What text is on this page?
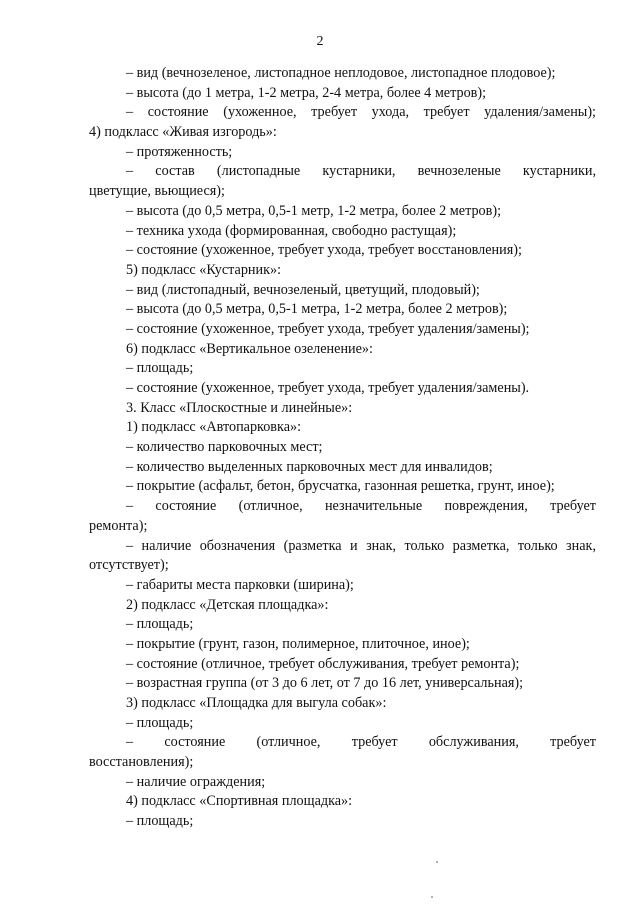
2
– вид (вечнозеленое, листопадное неплодовое, листопадное плодовое);
– высота (до 1 метра, 1-2 метра, 2-4 метра, более 4 метров);
– состояние (ухоженное, требует ухода, требует удаления/замены);
4) подкласс «Живая изгородь»:
– протяженность;
– состав (листопадные кустарники, вечнозеленые кустарники,
цветущие, вьющиеся);
– высота (до 0,5 метра, 0,5-1 метр, 1-2 метра, более 2 метров);
– техника ухода (формированная, свободно растущая);
– состояние (ухоженное, требует ухода, требует восстановления);
5) подкласс «Кустарник»:
– вид (листопадный, вечнозеленый, цветущий, плодовый);
– высота (до 0,5 метра, 0,5-1 метра, 1-2 метра, более 2 метров);
– состояние (ухоженное, требует ухода, требует удаления/замены);
6) подкласс «Вертикальное озеленение»:
– площадь;
– состояние (ухоженное, требует ухода, требует удаления/замены).
3. Класс «Плоскостные и линейные»:
1) подкласс «Автопарковка»:
– количество парковочных мест;
– количество выделенных парковочных мест для инвалидов;
– покрытие (асфальт, бетон, брусчатка, газонная решетка, грунт, иное);
– состояние (отличное, незначительные повреждения, требует
ремонта);
– наличие обозначения (разметка и знак, только разметка, только знак,
отсутствует);
– габариты места парковки (ширина);
2) подкласс «Детская площадка»:
– площадь;
– покрытие (грунт, газон, полимерное, плиточное, иное);
– состояние (отличное, требует обслуживания, требует ремонта);
– возрастная группа (от 3 до 6 лет, от 7 до 16 лет, универсальная);
3) подкласс «Площадка для выгула собак»:
– площадь;
– состояние (отличное, требует обслуживания, требует
восстановления);
– наличие ограждения;
4) подкласс «Спортивная площадка»:
– площадь;
